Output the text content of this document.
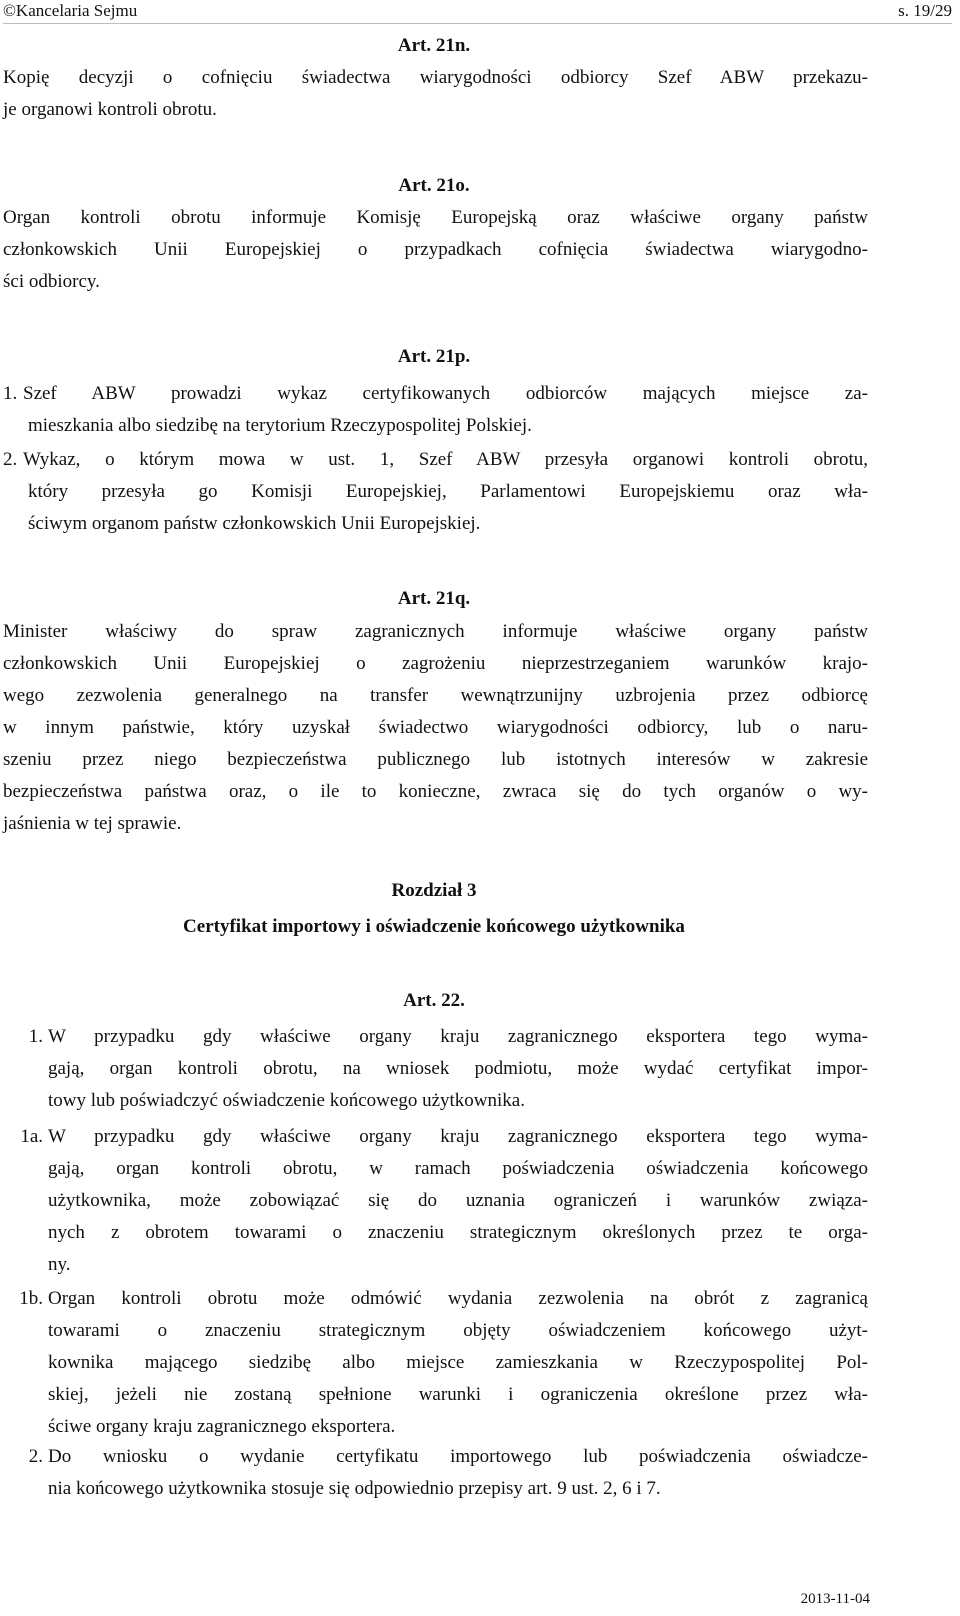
©Kancelaria Sejmu	s. 19/29
Art. 21n.
Kopię decyzji o cofnięciu świadectwa wiarygodności odbiorcy Szef ABW przekazu-
je organowi kontroli obrotu.
Art. 21o.
Organ kontroli obrotu informuje Komisję Europejską oraz właściwe organy państw
członkowskich Unii Europejskiej o przypadkach cofnięcia świadectwa wiarygodno-
ści odbiorcy.
Art. 21p.
1. Szef ABW prowadzi wykaz certyfikowanych odbiorców mających miejsce za-
mieszkania albo siedzibę na terytorium Rzeczypospolitej Polskiej.
2. Wykaz, o którym mowa w ust. 1, Szef ABW przesyła organowi kontroli obrotu,
który przesyła go Komisji Europejskiej, Parlamentowi Europejskiemu oraz wła-
ściwym organom państw członkowskich Unii Europejskiej.
Art. 21q.
Minister właściwy do spraw zagranicznych informuje właściwe organy państw
członkowskich Unii Europejskiej o zagrożeniu nieprzestrzeganiem warunków krajo-
wego zezwolenia generalnego na transfer wewnątrzunijny uzbrojenia przez odbiorcę
w innym państwie, który uzyskał świadectwo wiarygodności odbiorcy, lub o naru-
szeniu przez niego bezpieczeństwa publicznego lub istotnych interesów w zakresie
bezpieczeństwa państwa oraz, o ile to konieczne, zwraca się do tych organów o wy-
jaśnienia w tej sprawie.
Rozdział 3
Certyfikat importowy i oświadczenie końcowego użytkownika
Art. 22.
1. W przypadku gdy właściwe organy kraju zagranicznego eksportera tego wyma-
gają, organ kontroli obrotu, na wniosek podmiotu, może wydać certyfikat impor-
towy lub poświadczyć oświadczenie końcowego użytkownika.
1a. W przypadku gdy właściwe organy kraju zagranicznego eksportera tego wyma-
gają, organ kontroli obrotu, w ramach poświadczenia oświadczenia końcowego
użytkownika, może zobowiązać się do uznania ograniczeń i warunków związa-
nych z obrotem towarami o znaczeniu strategicznym określonych przez te orga-
ny.
1b. Organ kontroli obrotu może odmówić wydania zezwolenia na obrót z zagranicą
towarami o znaczeniu strategicznym objęty oświadczeniem końcowego użyt-
kownika mającego siedzibę albo miejsce zamieszkania w Rzeczypospolitej Pol-
skiej, jeżeli nie zostaną spełnione warunki i ograniczenia określone przez wła-
ściwe organy kraju zagranicznego eksportera.
2. Do wniosku o wydanie certyfikatu importowego lub poświadczenia oświadcze-
nia końcowego użytkownika stosuje się odpowiednio przepisy art. 9 ust. 2, 6 i 7.
2013-11-04
